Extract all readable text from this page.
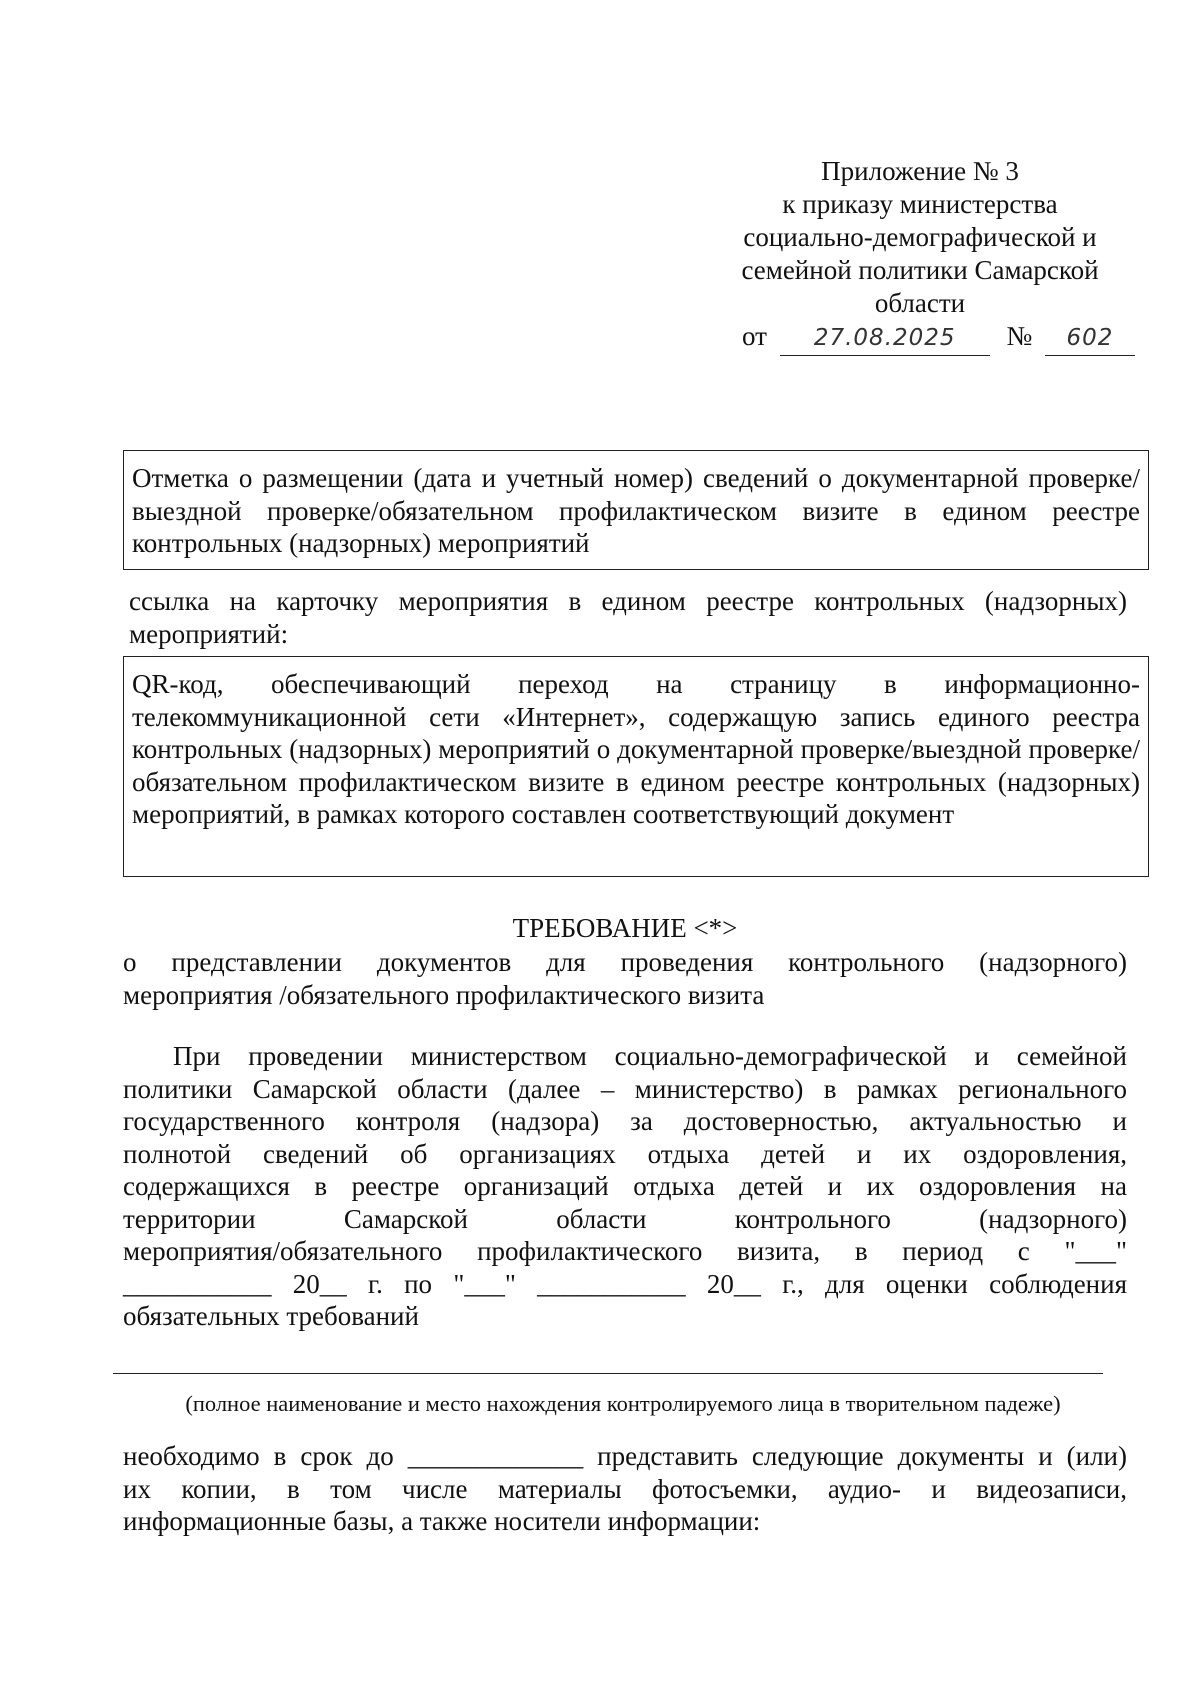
Приложение № 3
к приказу министерства
социально-демографической и
семейной политики Самарской
области
от 27.08.2025 № 602

Отметка о размещении (дата и учетный номер) сведений о документарной проверке/выездной проверке/обязательном профилактическом визите в едином реестре контрольных (надзорных) мероприятий

ссылка на карточку мероприятия в едином реестре контрольных (надзорных)

мероприятий:

QR-код, обеспечивающий переход на страницу в информационно-телекоммуникационной сети «Интернет», содержащую запись единого реестра контрольных (надзорных) мероприятий о документарной проверке/выездной проверке/обязательном профилактическом визите в едином реестре контрольных (надзорных) мероприятий, в рамках которого составлен соответствующий документ

ТРЕБОВАНИЕ <*>

о представлении документов для проведения контрольного (надзорного)

мероприятия /обязательного профилактического визита

При проведении министерством социально-демографической и семейной

политики Самарской области (далее – министерство) в рамках регионального

государственного контроля (надзора) за достоверностью, актуальностью и

полнотой сведений об организациях отдыха детей и их оздоровления,

содержащихся в реестре организаций отдыха детей и их оздоровления на

территории Самарской области контрольного (надзорного)

мероприятия/обязательного профилактического визита, в период с "___"

___________ 20__ г. по "___" ___________ 20__ г., для оценки соблюдения

обязательных требований

(полное наименование и место нахождения контролируемого лица в творительном падеже)

необходимо в срок до _____________ представить следующие документы и (или)

их копии, в том числе материалы фотосъемки, аудио- и видеозаписи,

информационные базы, а также носители информации:
